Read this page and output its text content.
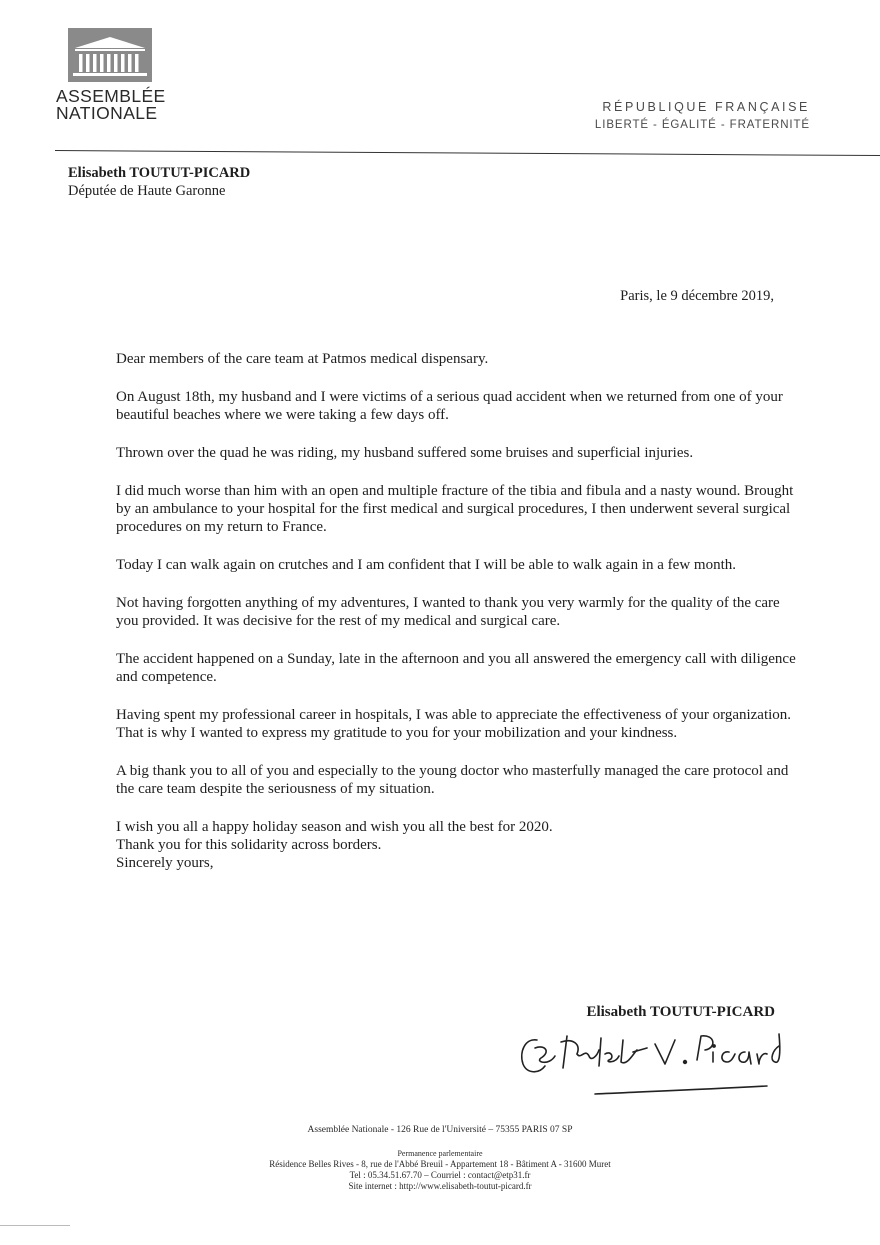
ASSEMBLÉE
NATIONALE	RÉPUBLIQUE FRANÇAISE
LIBERTÉ - ÉGALITÉ - FRATERNITÉ
Elisabeth TOUTUT-PICARD
Députée de Haute Garonne
Paris, le 9 décembre 2019,

Dear members of the care team at Patmos medical dispensary.

On August 18th, my husband and I were victims of a serious quad accident when we returned from one of your beautiful beaches where we were taking a few days off.

Thrown over the quad he was riding, my husband suffered some bruises and superficial injuries.

I did much worse than him with an open and multiple fracture of the tibia and fibula and a nasty wound. Brought by an ambulance to your hospital for the first medical and surgical procedures, I then underwent several surgical procedures on my return to France.

Today I can walk again on crutches and I am confident that I will be able to walk again in a few month.

Not having forgotten anything of my adventures, I wanted to thank you very warmly for the quality of the care you provided. It was decisive for the rest of my medical and surgical care.

The accident happened on a Sunday, late in the afternoon and you all answered the emergency call with diligence and competence.

Having spent my professional career in hospitals, I was able to appreciate the effectiveness of your organization. That is why I wanted to express my gratitude to you for your mobilization and your kindness.

A big thank you to all of you and especially to the young doctor who masterfully managed the care protocol and the care team despite the seriousness of my situation.

I wish you all a happy holiday season and wish you all the best for 2020.
Thank you for this solidarity across borders.
Sincerely yours,

Elisabeth TOUTUT-PICARD
Assemblée Nationale - 126 Rue de l'Université – 75355 PARIS 07 SP
Permanence parlementaire
Résidence Belles Rives - 8, rue de l'Abbé Breuil - Appartement 18 - Bâtiment A - 31600 Muret
Tel : 05.34.51.67.70 – Courriel : contact@etp31.fr
Site internet : http://www.elisabeth-toutut-picard.fr
